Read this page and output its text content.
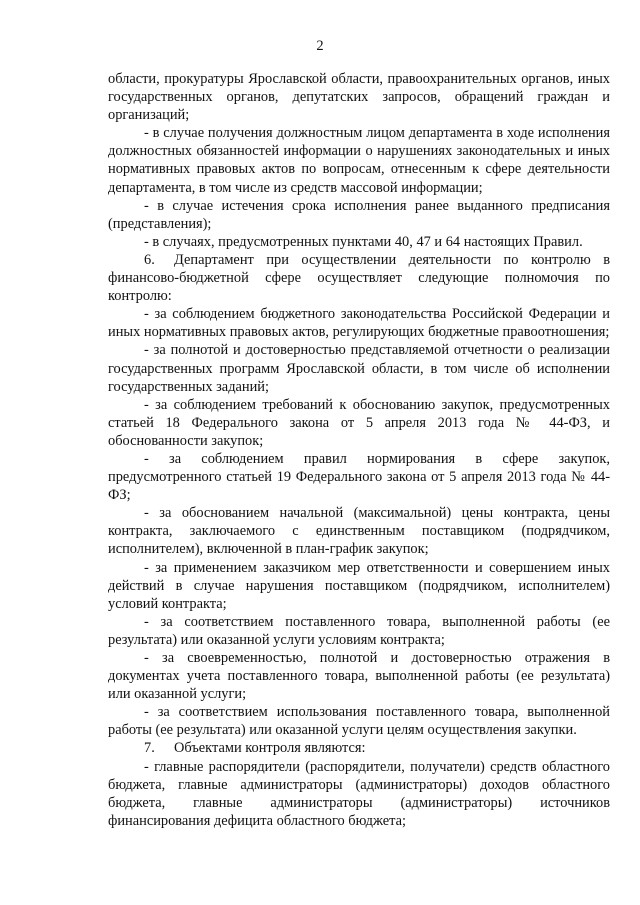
2

области, прокуратуры Ярославской области, правоохранительных органов, иных государственных органов, депутатских запросов, обращений граждан и организаций;

- в случае получения должностным лицом департамента в ходе исполнения должностных обязанностей информации о нарушениях законодательных и иных нормативных правовых актов по вопросам, отнесенным к сфере деятельности департамента, в том числе из средств массовой информации;

- в случае истечения срока исполнения ранее выданного предписания (представления);

- в случаях, предусмотренных пунктами 40, 47 и 64 настоящих Правил.

6. Департамент при осуществлении деятельности по контролю в финансово-бюджетной сфере осуществляет следующие полномочия по контролю:

- за соблюдением бюджетного законодательства Российской Федерации и иных нормативных правовых актов, регулирующих бюджетные правоотношения;

- за полнотой и достоверностью представляемой отчетности о реализации государственных программ Ярославской области, в том числе об исполнении государственных заданий;

- за соблюдением требований к обоснованию закупок, предусмотренных статьей 18 Федерального закона от 5 апреля 2013 года № 44-ФЗ, и обоснованности закупок;

- за соблюдением правил нормирования в сфере закупок, предусмотренного статьей 19 Федерального закона от 5 апреля 2013 года № 44-ФЗ;

- за обоснованием начальной (максимальной) цены контракта, цены контракта, заключаемого с единственным поставщиком (подрядчиком, исполнителем), включенной в план-график закупок;

- за применением заказчиком мер ответственности и совершением иных действий в случае нарушения поставщиком (подрядчиком, исполнителем) условий контракта;

- за соответствием поставленного товара, выполненной работы (ее результата) или оказанной услуги условиям контракта;

- за своевременностью, полнотой и достоверностью отражения в документах учета поставленного товара, выполненной работы (ее результата) или оказанной услуги;

- за соответствием использования поставленного товара, выполненной работы (ее результата) или оказанной услуги целям осуществления закупки.

7. Объектами контроля являются:

- главные распорядители (распорядители, получатели) средств областного бюджета, главные администраторы (администраторы) доходов областного бюджета, главные администраторы (администраторы) источников финансирования дефицита областного бюджета;
